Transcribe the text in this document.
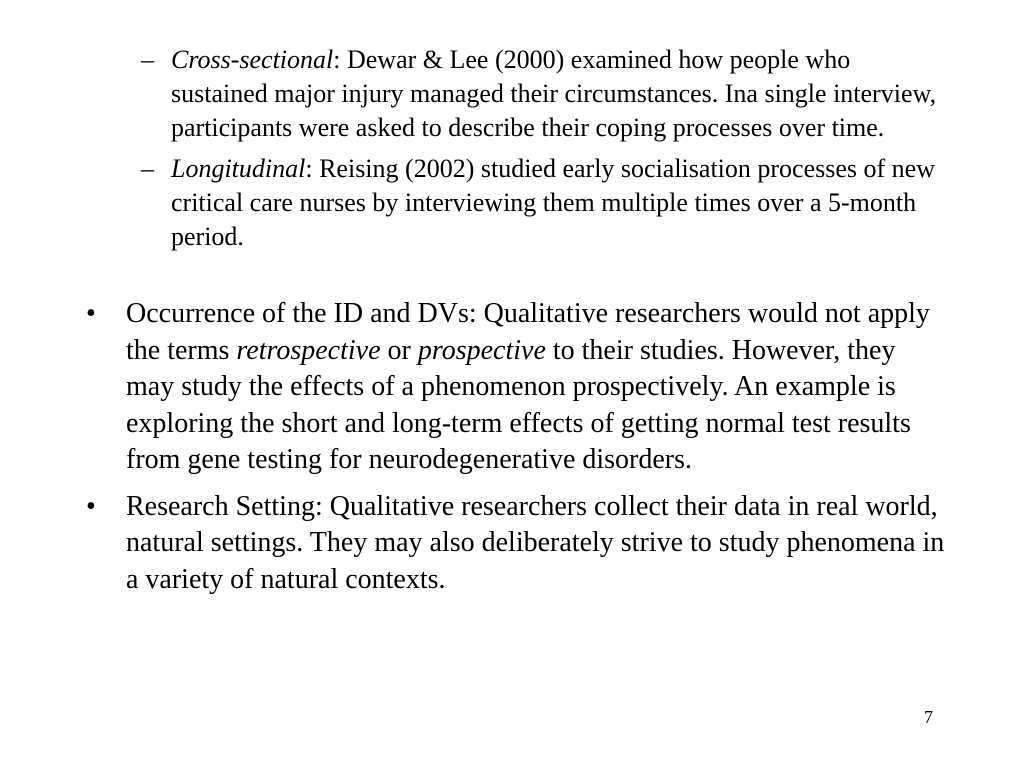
– Cross-sectional: Dewar & Lee (2000) examined how people who sustained major injury managed their circumstances. Ina single interview, participants were asked to describe their coping processes over time.
– Longitudinal: Reising (2002) studied early socialisation processes of new critical care nurses by interviewing them multiple times over a 5-month period.
• Occurrence of the ID and DVs: Qualitative researchers would not apply the terms retrospective or prospective to their studies. However, they may study the effects of a phenomenon prospectively. An example is exploring the short and long-term effects of getting normal test results from gene testing for neurodegenerative disorders.
• Research Setting: Qualitative researchers collect their data in real world, natural settings. They may also deliberately strive to study phenomena in a variety of natural contexts.
7
